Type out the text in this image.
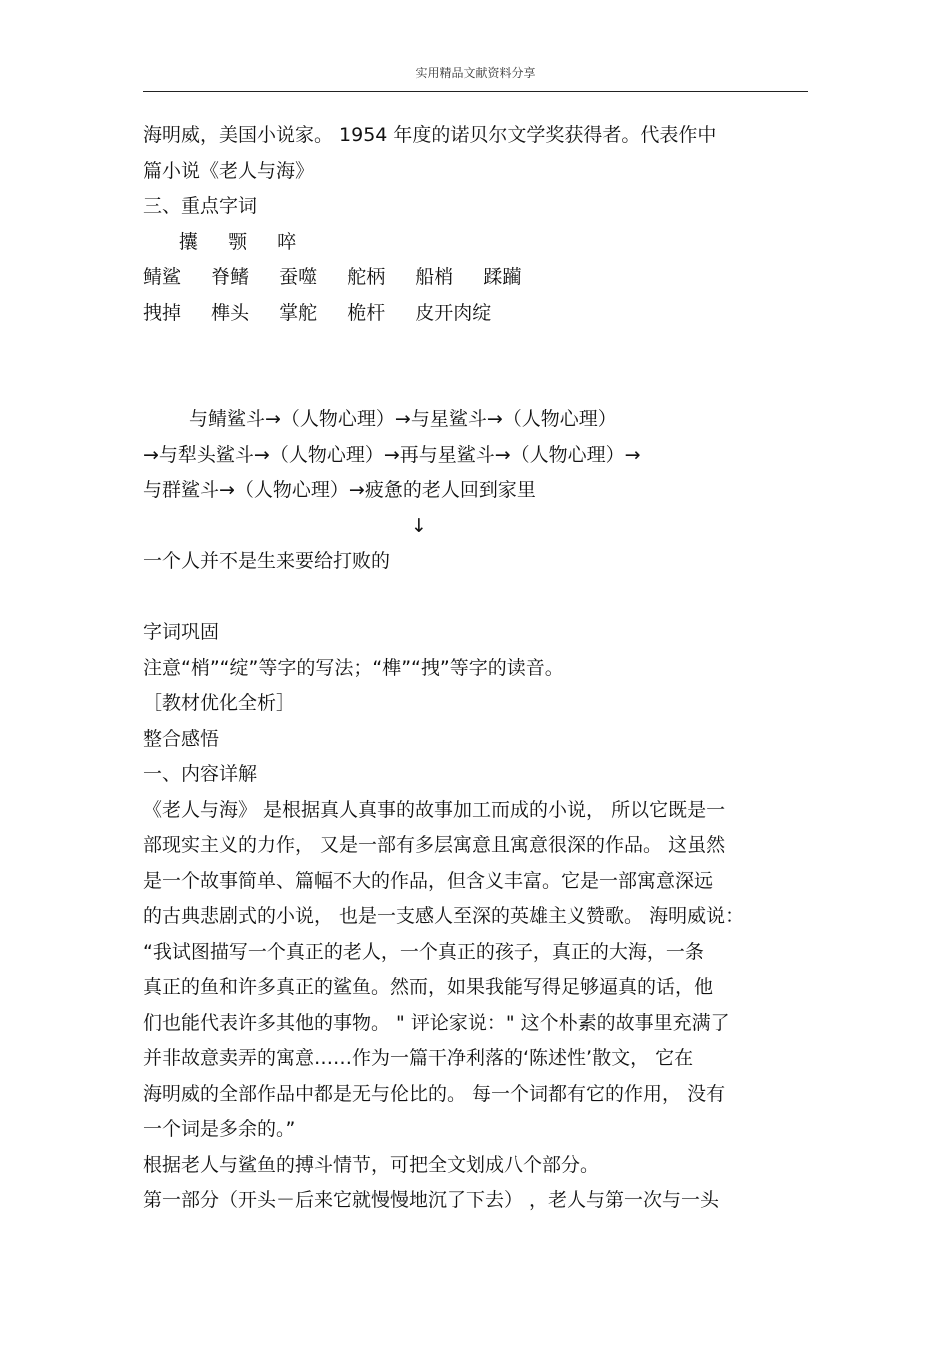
实用精品文献资料分享
海明威，美国小说家。 1954 年度的诺贝尔文学奖获得者。代表作中
篇小说《老人与海》
三、重点字词
攮 颚 啐
鲭鲨 脊鳍 蚕噬 舵柄 船梢 蹂躏
拽掉 榫头 掌舵 桅杆 皮开肉绽
与鲭鲨斗→（人物心理）→与星鲨斗→（人物心理）
→与犁头鲨斗→（人物心理）→再与星鲨斗→（人物心理）→
与群鲨斗→（人物心理）→疲惫的老人回到家里
↓
一个人并不是生来要给打败的
字词巩固
注意“梢”“绽”等字的写法；“榫”“拽”等字的读音。
［教材优化全析］
整合感悟
一、内容详解
《老人与海》 是根据真人真事的故事加工而成的小说， 所以它既是一
部现实主义的力作， 又是一部有多层寓意且寓意很深的作品。 这虽然
是一个故事简单、篇幅不大的作品，但含义丰富。它是一部寓意深远
的古典悲剧式的小说， 也是一支感人至深的英雄主义赞歌。 海明威说：
“我试图描写一个真正的老人，一个真正的孩子，真正的大海，一条
真正的鱼和许多真正的鲨鱼。然而，如果我能写得足够逼真的话，他
们也能代表许多其他的事物。 " 评论家说：" 这个朴素的故事里充满了
并非故意卖弄的寓意……作为一篇干净利落的‘陈述性’散文， 它在
海明威的全部作品中都是无与伦比的。 每一个词都有它的作用， 没有
一个词是多余的。”
根据老人与鲨鱼的搏斗情节，可把全文划成八个部分。
第一部分（开头－后来它就慢慢地沉了下去） ，老人与第一次与一头
